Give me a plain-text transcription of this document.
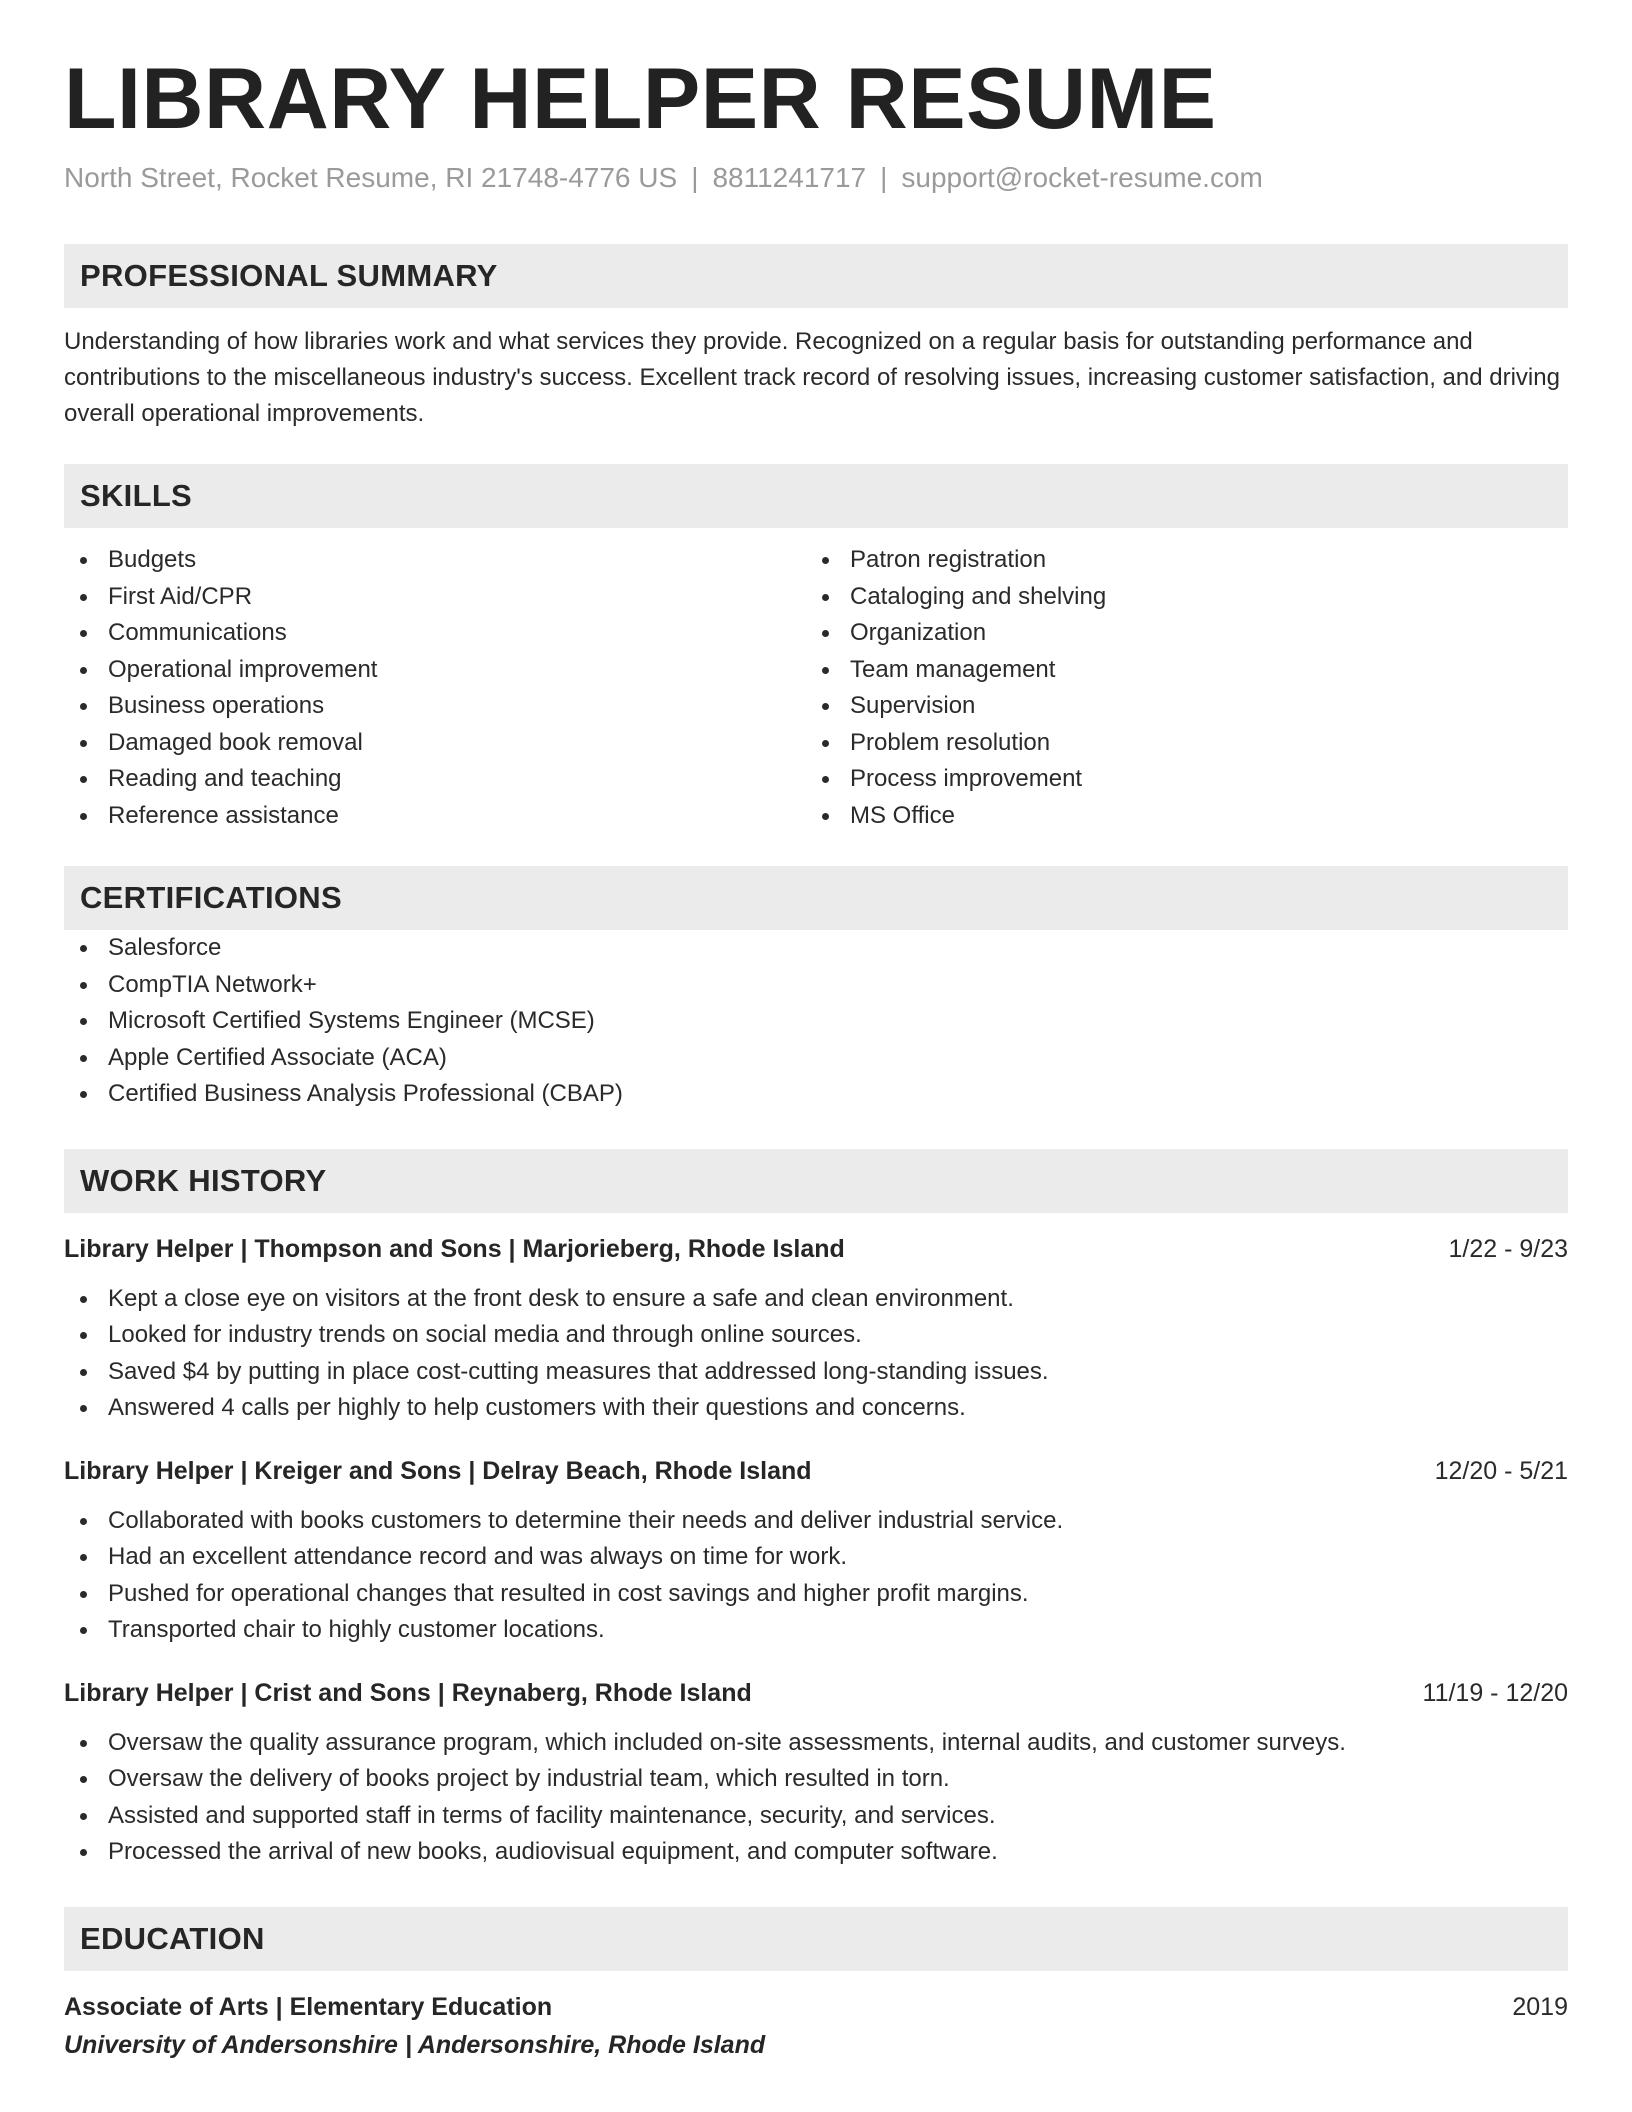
LIBRARY HELPER RESUME
North Street, Rocket Resume, RI 21748-4776 US | 8811241717 | support@rocket-resume.com
PROFESSIONAL SUMMARY

Understanding of how libraries work and what services they provide. Recognized on a regular basis for outstanding performance and contributions to the miscellaneous industry's success. Excellent track record of resolving issues, increasing customer satisfaction, and driving overall operational improvements.

SKILLS
Budgets
First Aid/CPR
Communications
Operational improvement
Business operations
Damaged book removal
Reading and teaching
Reference assistance
Patron registration
Cataloging and shelving
Organization
Team management
Supervision
Problem resolution
Process improvement
MS Office
CERTIFICATIONS
Salesforce
CompTIA Network+
Microsoft Certified Systems Engineer (MCSE)
Apple Certified Associate (ACA)
Certified Business Analysis Professional (CBAP)
WORK HISTORY
Library Helper | Thompson and Sons | Marjorieberg, Rhode Island	1/22 - 9/23
Kept a close eye on visitors at the front desk to ensure a safe and clean environment.
Looked for industry trends on social media and through online sources.
Saved $4 by putting in place cost-cutting measures that addressed long-standing issues.
Answered 4 calls per highly to help customers with their questions and concerns.
Library Helper | Kreiger and Sons | Delray Beach, Rhode Island	12/20 - 5/21
Collaborated with books customers to determine their needs and deliver industrial service.
Had an excellent attendance record and was always on time for work.
Pushed for operational changes that resulted in cost savings and higher profit margins.
Transported chair to highly customer locations.
Library Helper | Crist and Sons | Reynaberg, Rhode Island	11/19 - 12/20
Oversaw the quality assurance program, which included on-site assessments, internal audits, and customer surveys.
Oversaw the delivery of books project by industrial team, which resulted in torn.
Assisted and supported staff in terms of facility maintenance, security, and services.
Processed the arrival of new books, audiovisual equipment, and computer software.
EDUCATION
Associate of Arts | Elementary Education	2019
University of Andersonshire | Andersonshire, Rhode Island
